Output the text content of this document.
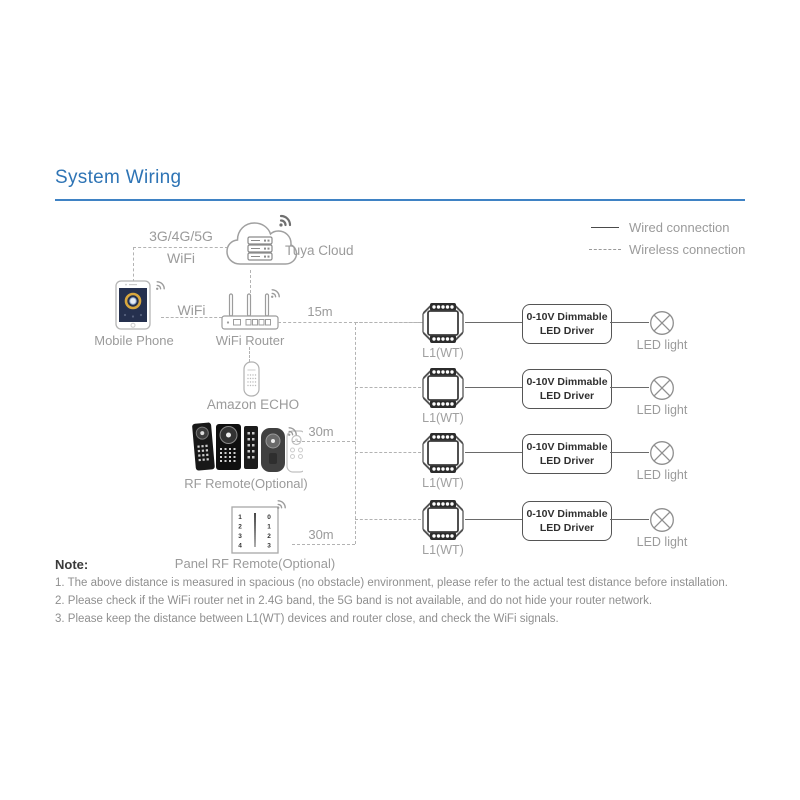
System Wiring
Wired connection
Wireless connection
3G/4G/5G
WiFi	Tuya Cloud
Mobile Phone
WiFi
WiFi Router
Amazon ECHO
RF Remote(Optional)
30m
1
2
3
4
0
1
2
3
Panel RF Remote(Optional)
30m
15m
L1(WT)
0-10V Dimmable
LED Driver
LED light
L1(WT)
0-10V Dimmable
LED Driver
LED light
L1(WT)
0-10V Dimmable
LED Driver
LED light
L1(WT)
0-10V Dimmable
LED Driver
LED light
Note:
1. The above distance is measured in spacious (no obstacle) environment, please refer to the actual test distance before installation.
2. Please check if the WiFi router net in 2.4G band, the 5G band is not available, and do not hide your router network.
3. Please keep the distance between L1(WT) devices and router close, and check the WiFi signals.
